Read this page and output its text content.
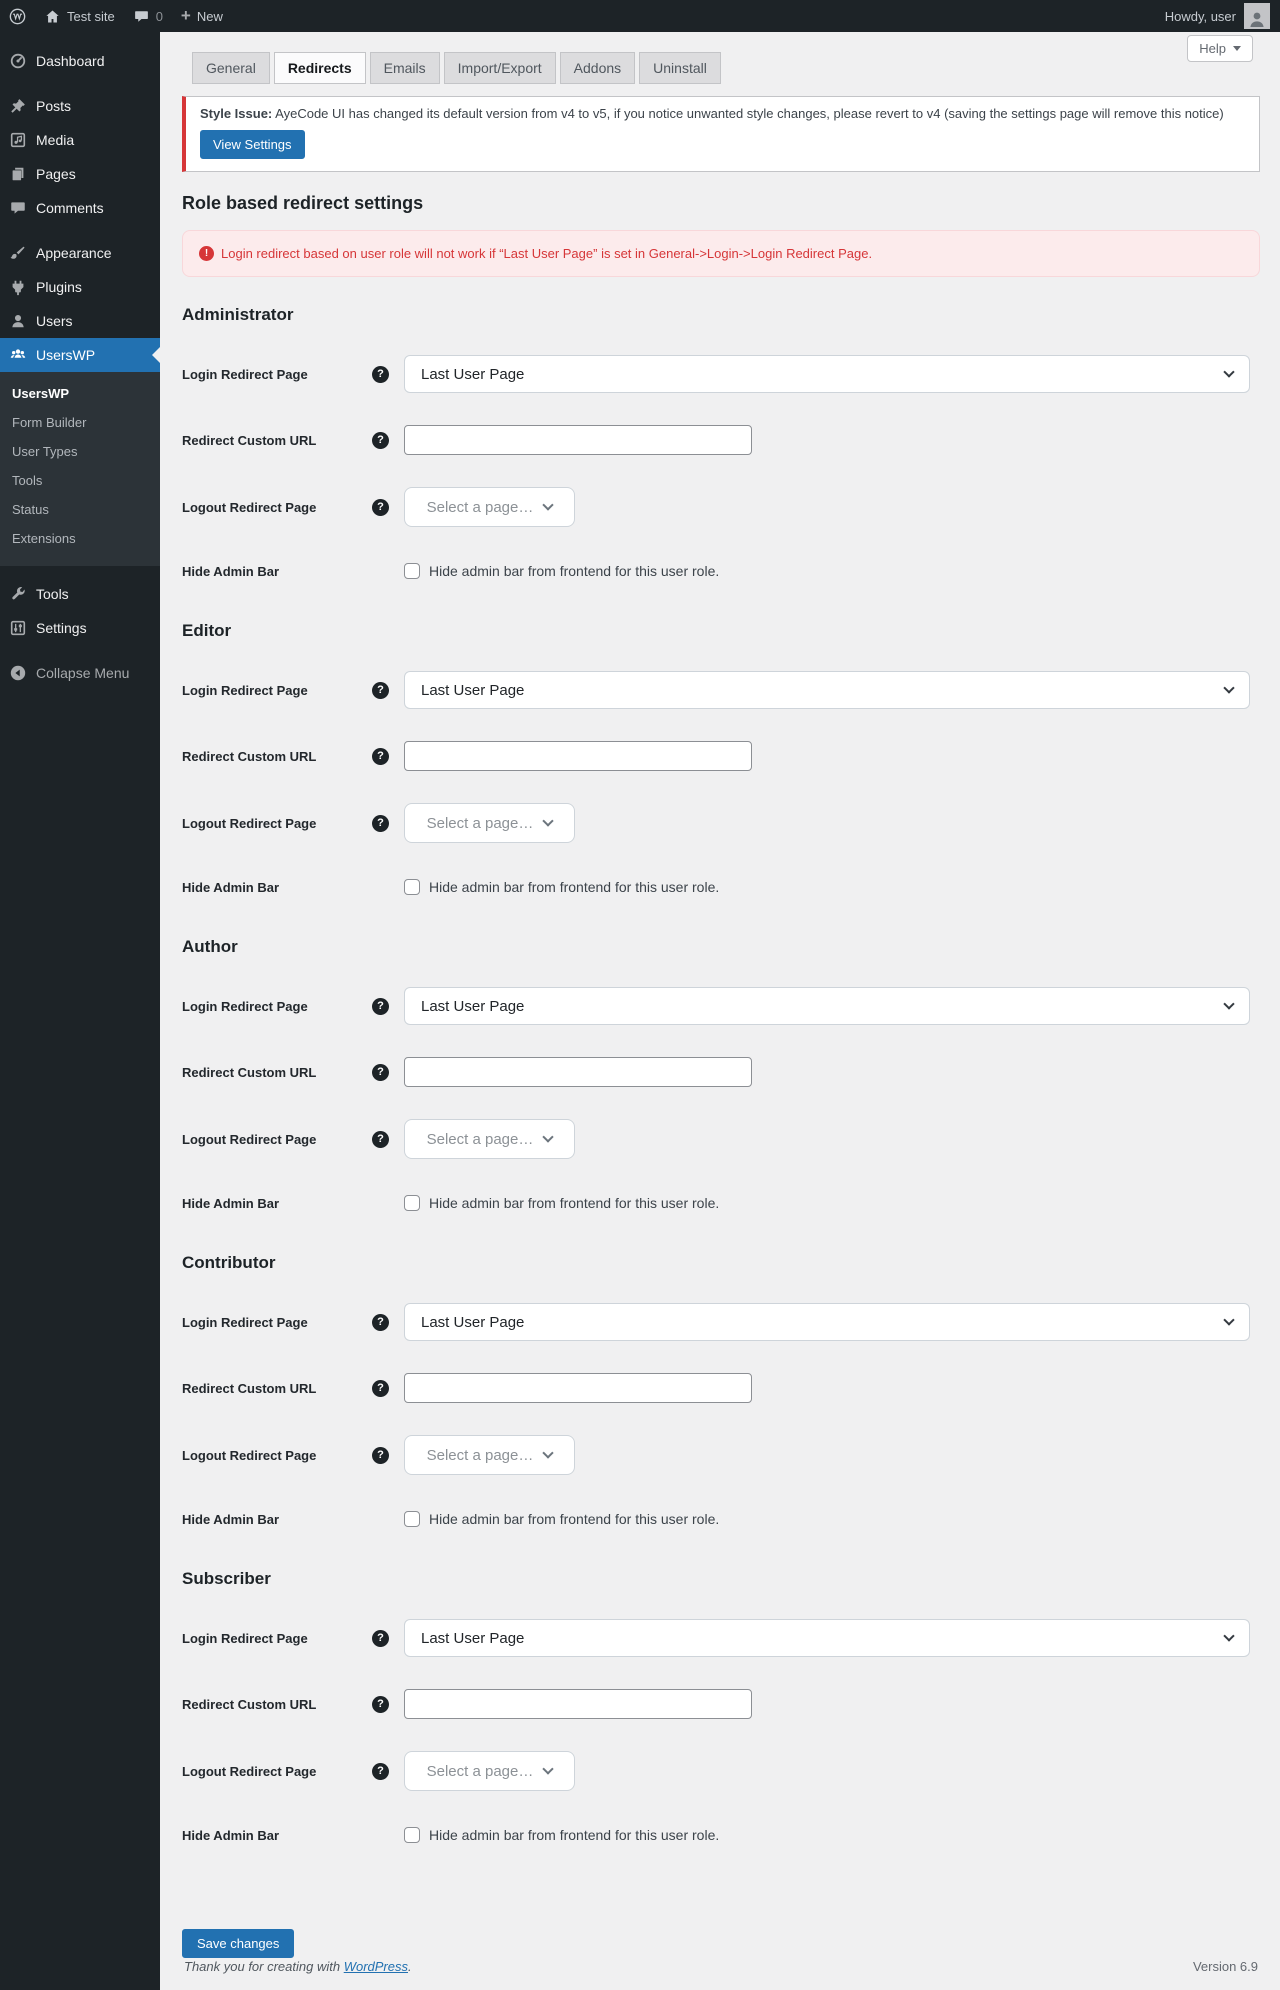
Test site	0 + New	Howdy, user
Dashboard
Posts
Media
Pages
Comments
Appearance
Plugins
Users
UsersWP
UsersWP
Form Builder
User Types
Tools
Status
Extensions
Tools
Settings
Collapse Menu
Help
General Redirects Emails Import/Export Addons Uninstall
Style Issue: AyeCode UI has changed its default version from v4 to v5, if you notice unwanted style changes, please revert to v4 (saving the settings page will remove this notice)
View Settings
Role based redirect settings
! Login redirect based on user role will not work if “Last User Page” is set in General->Login->Login Redirect Page.
Administrator
Login Redirect Page	?	Last User Page
Redirect Custom URL	?
Logout Redirect Page	?	Select a page…
Hide Admin Bar	Hide admin bar from frontend for this user role.
Editor
Login Redirect Page	?	Last User Page
Redirect Custom URL	?
Logout Redirect Page	?	Select a page…
Hide Admin Bar	Hide admin bar from frontend for this user role.
Author
Login Redirect Page	?	Last User Page
Redirect Custom URL	?
Logout Redirect Page	?	Select a page…
Hide Admin Bar	Hide admin bar from frontend for this user role.
Contributor
Login Redirect Page	?	Last User Page
Redirect Custom URL	?
Logout Redirect Page	?	Select a page…
Hide Admin Bar	Hide admin bar from frontend for this user role.
Subscriber
Login Redirect Page	?	Last User Page
Redirect Custom URL	?
Logout Redirect Page	?	Select a page…
Hide Admin Bar	Hide admin bar from frontend for this user role.
Save changes
Thank you for creating with WordPress.	Version 6.9
